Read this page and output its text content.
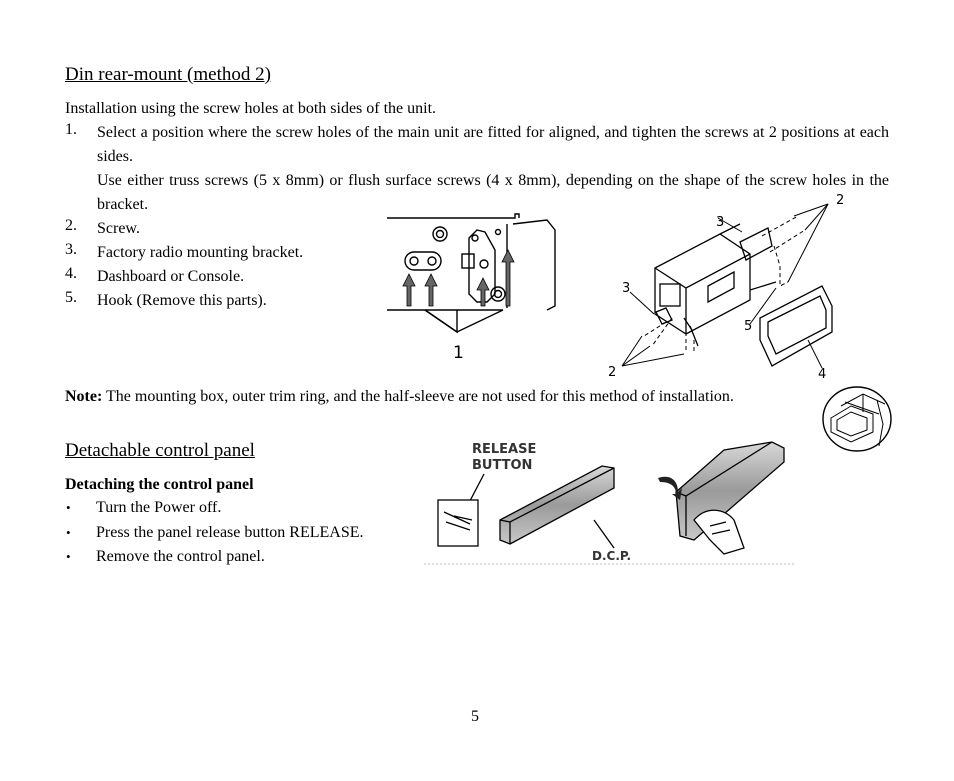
Din rear-mount (method 2)
Installation using the screw holes at both sides of the unit.
1. Select a position where the screw holes of the main unit are fitted for aligned, and tighten the screws at 2 positions at each sides.
Use either truss screws (5 x 8mm) or flush surface screws (4 x 8mm), depending on the shape of the screw holes in the bracket.
2. Screw.
3. Factory radio mounting bracket.
4. Dashboard or Console.
5. Hook (Remove this parts).
1
2
3
3
5
2	4
Note: The mounting box, outer trim ring, and the half-sleeve are not used for this method of installation.
Detachable control panel
Detaching the control panel
• Turn the Power off.
• Press the panel release button RELEASE.
• Remove the control panel.
RELEASE
BUTTON
D.C.P.
5
